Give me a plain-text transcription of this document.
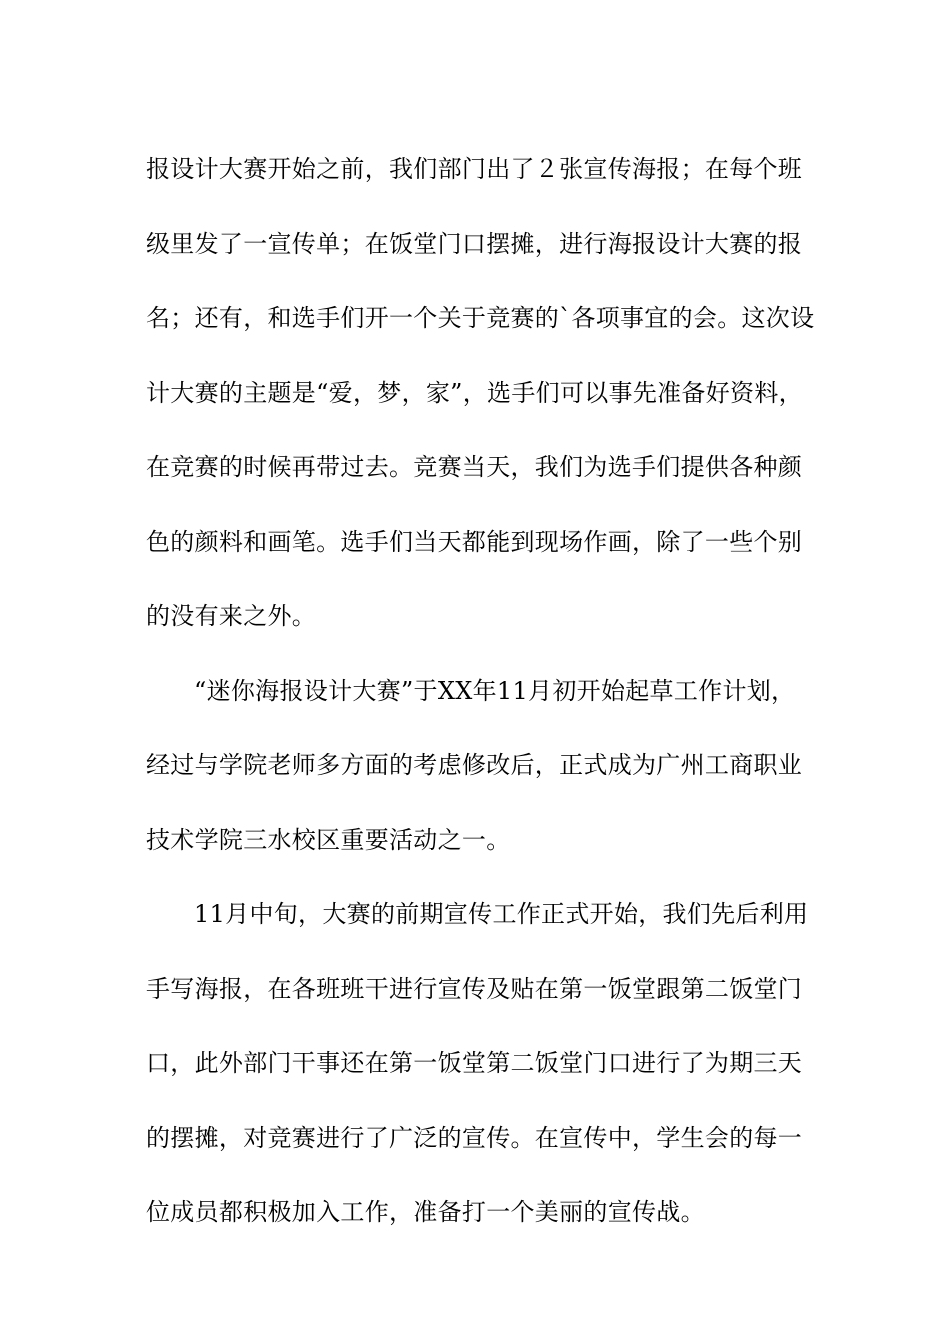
报设计大赛开始之前，我们部门出了２张宣传海报；在每个班
级里发了一宣传单；在饭堂门口摆摊，进行海报设计大赛的报
名；还有，和选手们开一个关于竞赛的`各项事宜的会。这次设
计大赛的主题是“爱，梦，家”，选手们可以事先准备好资料，
在竞赛的时候再带过去。竞赛当天，我们为选手们提供各种颜
色的颜料和画笔。选手们当天都能到现场作画，除了一些个别
的没有来之外。
“迷你海报设计大赛”于XX年11月初开始起草工作计划，
经过与学院老师多方面的考虑修改后，正式成为广州工商职业
技术学院三水校区重要活动之一。
11月中旬，大赛的前期宣传工作正式开始，我们先后利用
手写海报，在各班班干进行宣传及贴在第一饭堂跟第二饭堂门
口，此外部门干事还在第一饭堂第二饭堂门口进行了为期三天
的摆摊，对竞赛进行了广泛的宣传。在宣传中，学生会的每一
位成员都积极加入工作，准备打一个美丽的宣传战。
